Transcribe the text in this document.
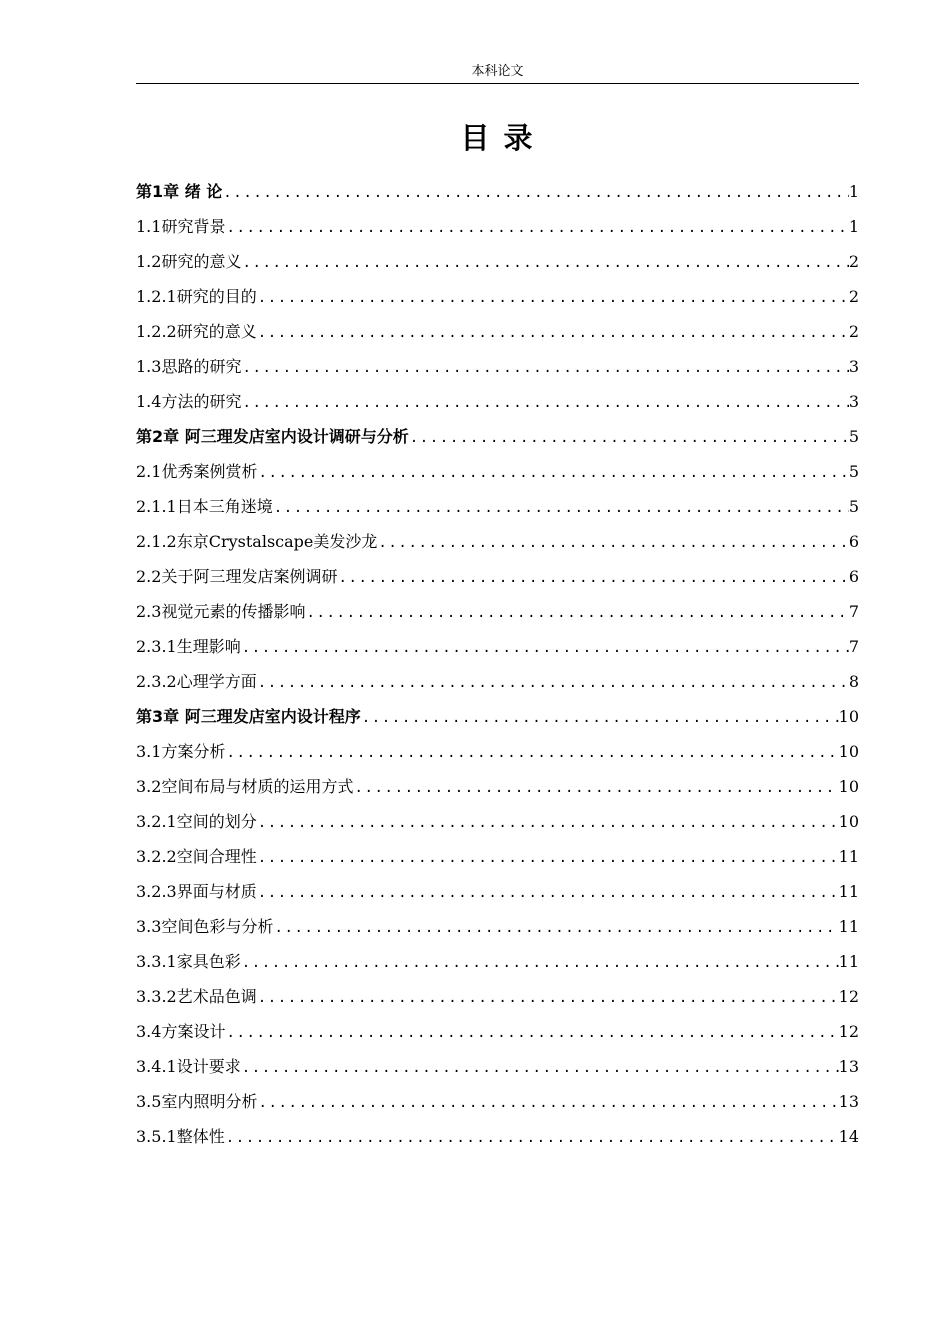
本科论文
目 录
第1章 绪 论 .....	1
1.1研究背景 .....	1
1.2研究的意义 .....	2
1.2.1研究的目的 .....	2
1.2.2研究的意义 .....	2
1.3思路的研究 .....	3
1.4方法的研究 .....	3
第2章 阿三理发店室内设计调研与分析 .....	5
2.1优秀案例赏析 .....	5
2.1.1日本三角迷境 .....	5
2.1.2东京Crystalscape美发沙龙 .....	6
2.2关于阿三理发店案例调研 .....	6
2.3视觉元素的传播影响 .....	7
2.3.1生理影响 .....	7
2.3.2心理学方面 .....	8
第3章 阿三理发店室内设计程序 .....	10
3.1方案分析 .....	10
3.2空间布局与材质的运用方式 .....	10
3.2.1空间的划分 .....	10
3.2.2空间合理性 .....	11
3.2.3界面与材质 .....	11
3.3空间色彩与分析 .....	11
3.3.1家具色彩 .....	11
3.3.2艺术品色调 .....	12
3.4方案设计 .....	12
3.4.1设计要求 .....	13
3.5室内照明分析 .....	13
3.5.1整体性 .....	14
